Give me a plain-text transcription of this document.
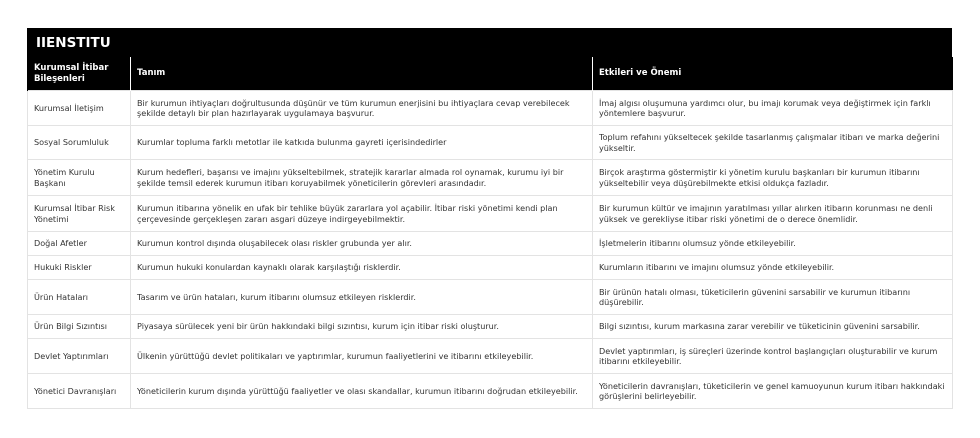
IIENSTITU
Kurumsal İtibar Bileşenleri	Tanım	Etkileri ve Önemi
Kurumsal İletişim	Bir kurumun ihtiyaçları doğrultusunda düşünür ve tüm kurumun enerjisini bu ihtiyaçlara cevap verebilecek şekilde detaylı bir plan hazırlayarak uygulamaya başvurur.	İmaj algısı oluşumuna yardımcı olur, bu imajı korumak veya değiştirmek için farklı yöntemlere başvurur.
Sosyal Sorumluluk	Kurumlar topluma farklı metotlar ile katkıda bulunma gayreti içerisindedirler	Toplum refahını yükseltecek şekilde tasarlanmış çalışmalar itibarı ve marka değerini yükseltir.
Yönetim Kurulu Başkanı	Kurum hedefleri, başarısı ve imajını yükseltebilmek, stratejik kararlar almada rol oynamak, kurumu iyi bir şekilde temsil ederek kurumun itibarı koruyabilmek yöneticilerin görevleri arasındadır.	Birçok araştırma göstermiştir ki yönetim kurulu başkanları bir kurumun itibarını yükseltebilir veya düşürebilmekte etkisi oldukça fazladır.
Kurumsal İtibar Risk Yönetimi	Kurumun itibarına yönelik en ufak bir tehlike büyük zararlara yol açabilir. İtibar riski yönetimi kendi plan çerçevesinde gerçekleşen zararı asgari düzeye indirgeyebilmektir.	Bir kurumun kültür ve imajının yaratılması yıllar alırken itibarın korunması ne denli yüksek ve gerekliyse itibar riski yönetimi de o derece önemlidir.
Doğal Afetler	Kurumun kontrol dışında oluşabilecek olası riskler grubunda yer alır.	İşletmelerin itibarını olumsuz yönde etkileyebilir.
Hukuki Riskler	Kurumun hukuki konulardan kaynaklı olarak karşılaştığı risklerdir.	Kurumların itibarını ve imajını olumsuz yönde etkileyebilir.
Ürün Hataları	Tasarım ve ürün hataları, kurum itibarını olumsuz etkileyen risklerdir.	Bir ürünün hatalı olması, tüketicilerin güvenini sarsabilir ve kurumun itibarını düşürebilir.
Ürün Bilgi Sızıntısı	Piyasaya sürülecek yeni bir ürün hakkındaki bilgi sızıntısı, kurum için itibar riski oluşturur.	Bilgi sızıntısı, kurum markasına zarar verebilir ve tüketicinin güvenini sarsabilir.
Devlet Yaptırımları	Ülkenin yürüttüğü devlet politikaları ve yaptırımlar, kurumun faaliyetlerini ve itibarını etkileyebilir.	Devlet yaptırımları, iş süreçleri üzerinde kontrol başlangıçları oluşturabilir ve kurum itibarını etkileyebilir.
Yönetici Davranışları	Yöneticilerin kurum dışında yürüttüğü faaliyetler ve olası skandallar, kurumun itibarını doğrudan etkileyebilir.	Yöneticilerin davranışları, tüketicilerin ve genel kamuoyunun kurum itibarı hakkındaki görüşlerini belirleyebilir.
